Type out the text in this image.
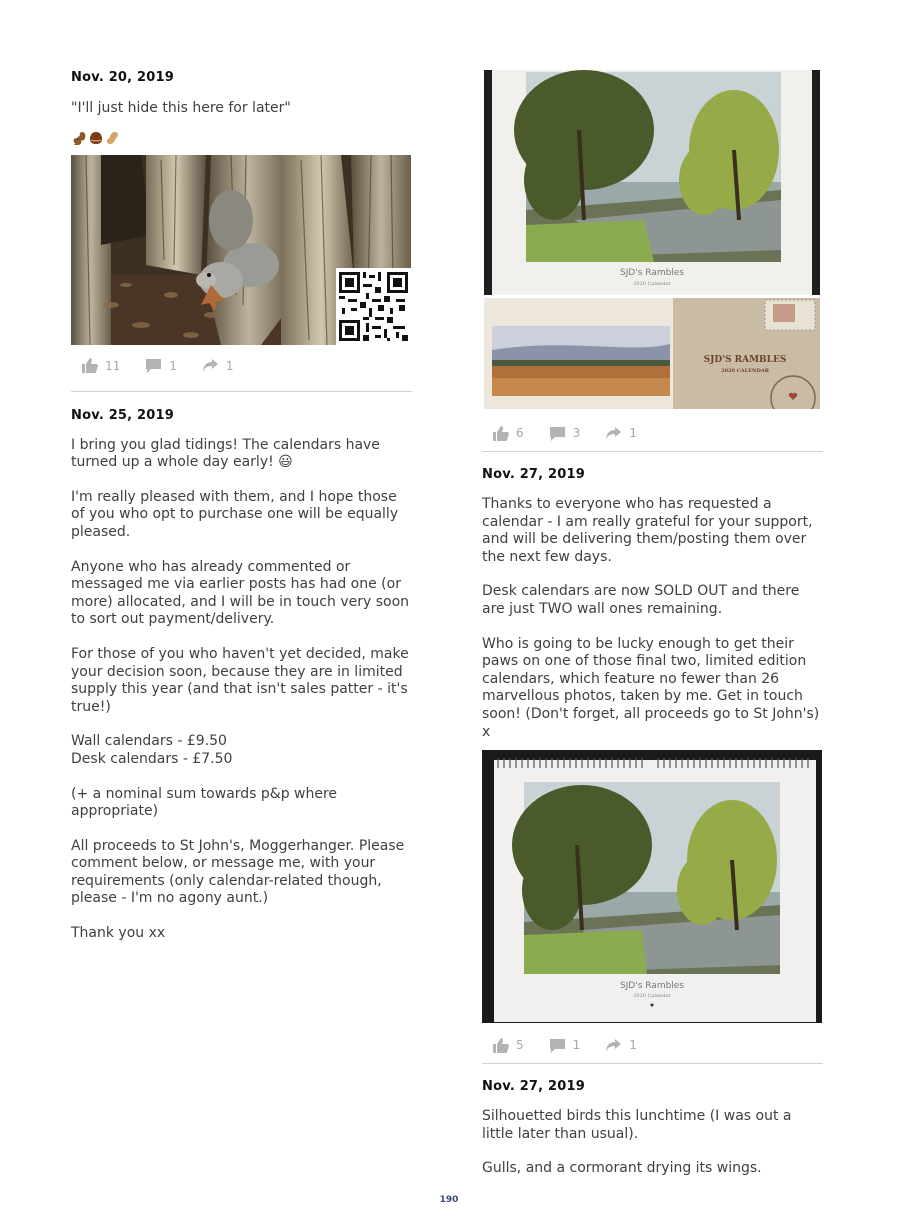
Nov. 20, 2019
"I'll just hide this here for later"
11	1	1
Nov. 25, 2019
I bring you glad tidings! The calendars have turned up a whole day early! 😃
I'm really pleased with them, and I hope those of you who opt to purchase one will be equally pleased.
Anyone who has already commented or messaged me via earlier posts has had one (or more) allocated, and I will be in touch very soon to sort out payment/delivery.
For those of you who haven't yet decided, make your decision soon, because they are in limited supply this year (and that isn't sales patter - it's true!)
Wall calendars - £9.50
Desk calendars - £7.50
(+ a nominal sum towards p&p where appropriate)
All proceeds to St John's, Moggerhanger. Please comment below, or message me, with your requirements (only calendar-related though, please - I'm no agony aunt.)
Thank you xx
SJD's Rambles
2020 Calendar
SJD'S RAMBLES
2020 CALENDAR
6	3	1
Nov. 27, 2019
Thanks to everyone who has requested a calendar - I am really grateful for your support, and will be delivering them/posting them over the next few days.
Desk calendars are now SOLD OUT and there are just TWO wall ones remaining.
Who is going to be lucky enough to get their paws on one of those final two, limited edition calendars, which feature no fewer than 26 marvellous photos, taken by me. Get in touch soon! (Don't forget, all proceeds go to St John's) x
SJD's Rambles
2020 Calendar
5	1	1
Nov. 27, 2019
Silhouetted birds this lunchtime (I was out a little later than usual).
Gulls, and a cormorant drying its wings.
190
